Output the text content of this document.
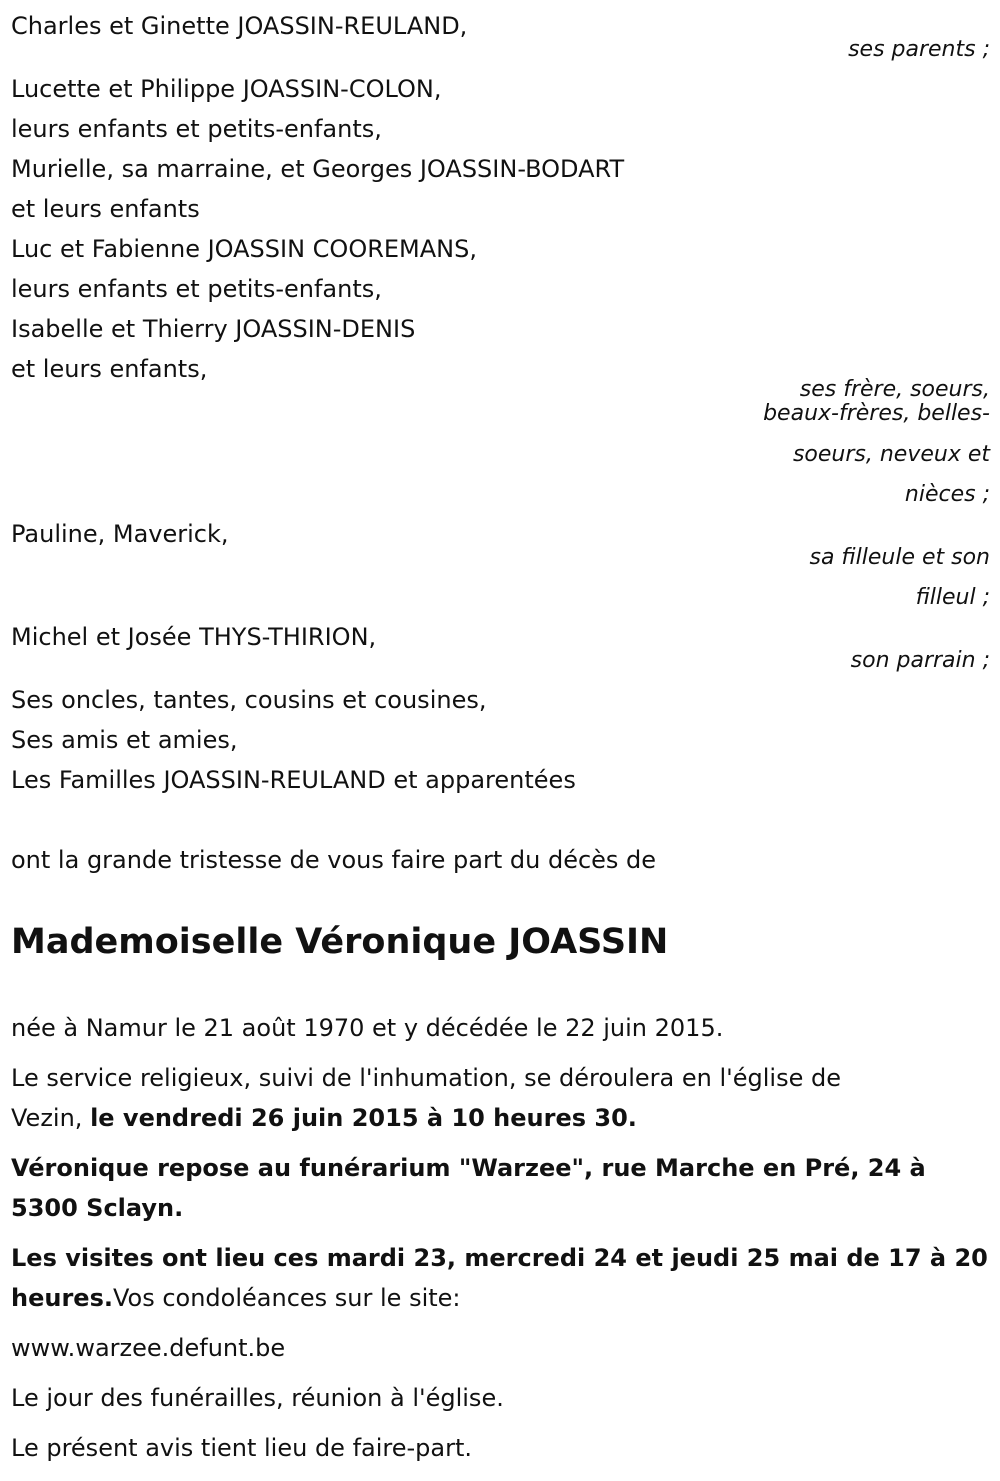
Charles et Ginette JOASSIN-REULAND,
ses parents ;
Lucette et Philippe JOASSIN-COLON,
leurs enfants et petits-enfants,
Murielle, sa marraine, et Georges JOASSIN-BODART
et leurs enfants
Luc et Fabienne JOASSIN COOREMANS,
leurs enfants et petits-enfants,
Isabelle et Thierry JOASSIN-DENIS
et leurs enfants,
ses frère, soeurs,
beaux-frères, belles-
soeurs, neveux et
nièces ;
Pauline, Maverick,
sa filleule et son
filleul ;
Michel et Josée THYS-THIRION,
son parrain ;
Ses oncles, tantes, cousins et cousines,
Ses amis et amies,
Les Familles JOASSIN-REULAND et apparentées
ont la grande tristesse de vous faire part du décès de
Mademoiselle Véronique JOASSIN
née à Namur le 21 août 1970 et y décédée le 22 juin 2015.
Le service religieux, suivi de l'inhumation, se déroulera en l'église de
Vezin, le vendredi 26 juin 2015 à 10 heures 30.
Véronique repose au funérarium "Warzee", rue Marche en Pré, 24 à
5300 Sclayn.
Les visites ont lieu ces mardi 23, mercredi 24 et jeudi 25 mai de 17 à 20
heures.Vos condoléances sur le site:
www.warzee.defunt.be
Le jour des funérailles, réunion à l'église.
Le présent avis tient lieu de faire-part.
